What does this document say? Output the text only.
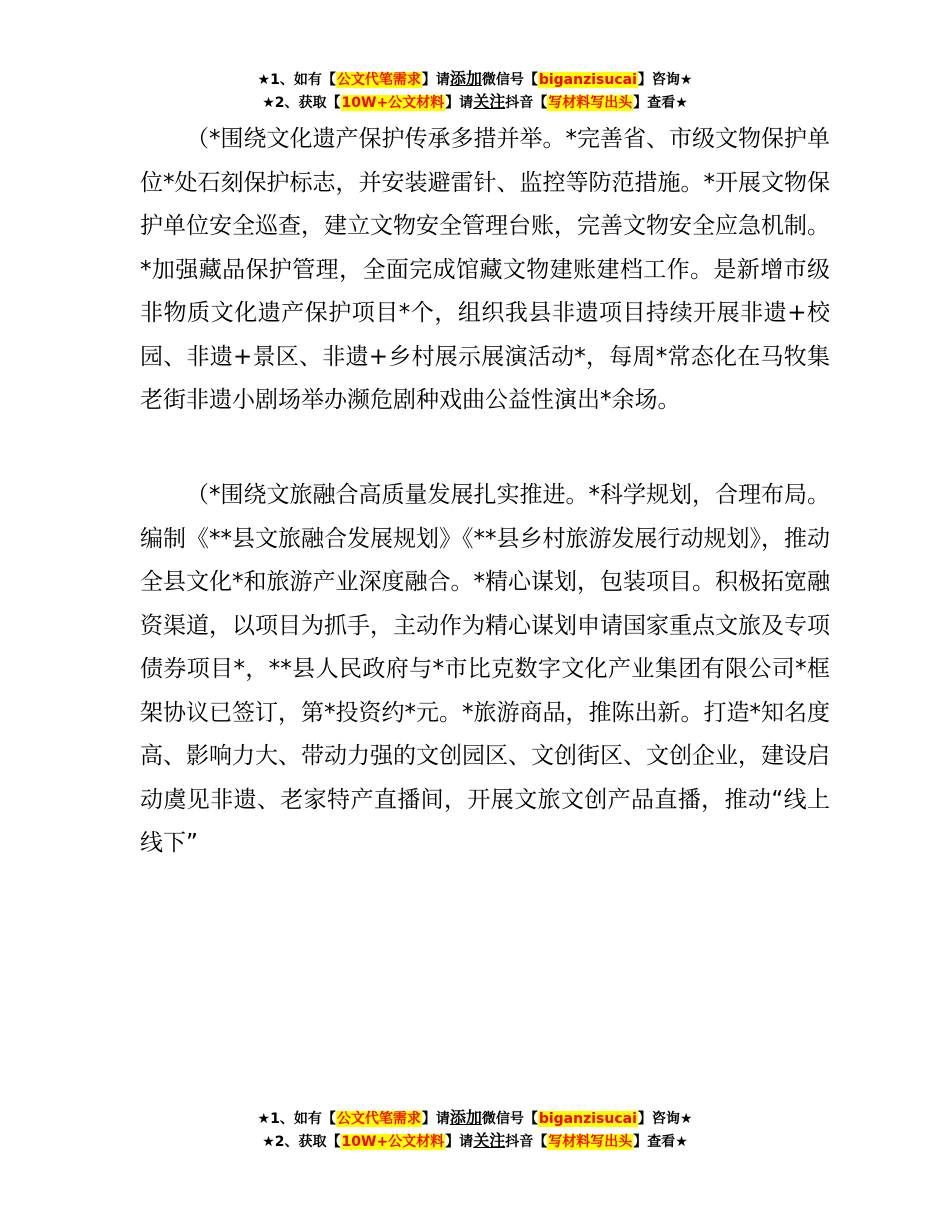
★1、如有【公文代笔需求】请添加微信号【biganzisucai】咨询★
★2、获取【10W+公文材料】请关注抖音【写材料写出头】查看★

（*围绕文化遗产保护传承多措并举。*完善省、市级文物保护单位*处石刻保护标志，并安装避雷针、监控等防范措施。*开展文物保护单位安全巡查，建立文物安全管理台账，完善文物安全应急机制。*加强藏品保护管理，全面完成馆藏文物建账建档工作。是新增市级非物质文化遗产保护项目*个，组织我县非遗项目持续开展非遗+校园、非遗+景区、非遗+乡村展示展演活动*，每周*常态化在马牧集老街非遗小剧场举办濒危剧种戏曲公益性演出*余场。

（*围绕文旅融合高质量发展扎实推进。*科学规划，合理布局。编制《**县文旅融合发展规划》《**县乡村旅游发展行动规划》，推动全县文化*和旅游产业深度融合。*精心谋划，包装项目。积极拓宽融资渠道，以项目为抓手，主动作为精心谋划申请国家重点文旅及专项债券项目*，**县人民政府与*市比克数字文化产业集团有限公司*框架协议已签订，第*投资约*元。*旅游商品，推陈出新。打造*知名度高、影响力大、带动力强的文创园区、文创街区、文创企业，建设启动虞见非遗、老家特产直播间，开展文旅文创产品直播，推动“线上线下”

★1、如有【公文代笔需求】请添加微信号【biganzisucai】咨询★
★2、获取【10W+公文材料】请关注抖音【写材料写出头】查看★
